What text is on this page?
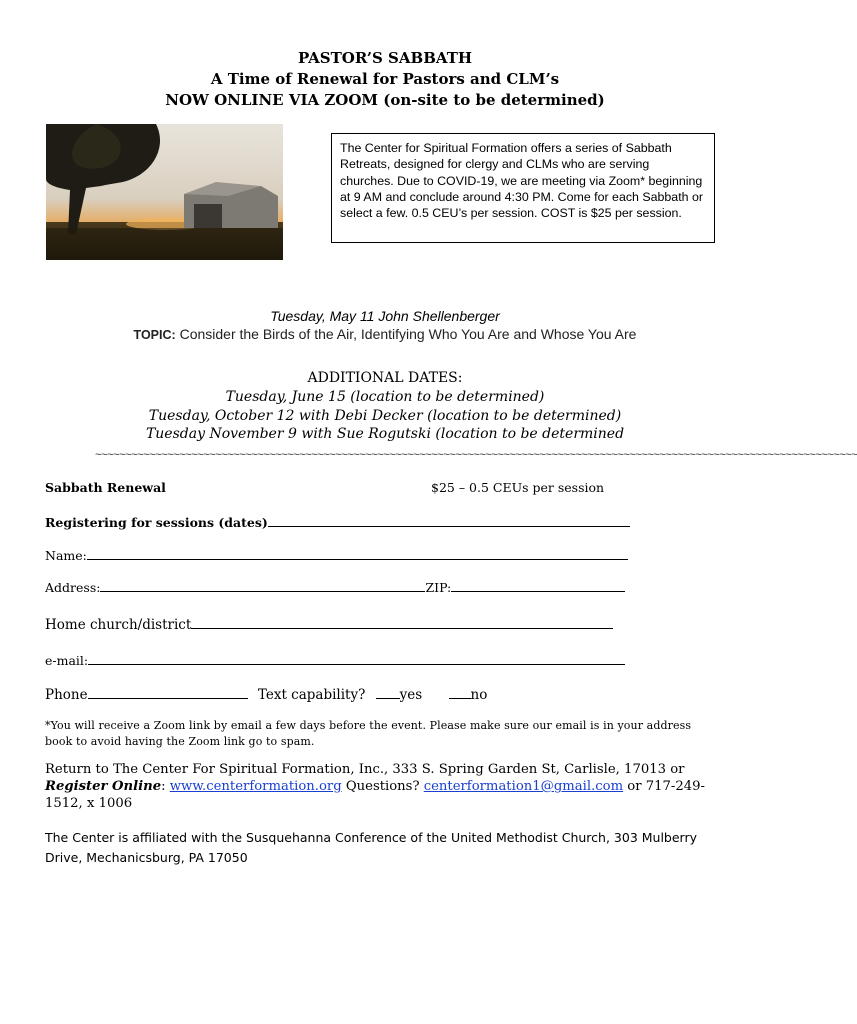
PASTOR’S SABBATH
A Time of Renewal for Pastors and CLM’s
NOW ONLINE VIA ZOOM (on-site to be determined)
The Center for Spiritual Formation offers a series of Sabbath Retreats, designed for clergy and CLMs who are serving churches. Due to COVID-19, we are meeting via Zoom* beginning at 9 AM and conclude around 4:30 PM. Come for each Sabbath or select a few. 0.5 CEU’s per session. COST is $25 per session.
Tuesday, May 11 John Shellenberger
TOPIC: Consider the Birds of the Air, Identifying Who You Are and Whose You Are
ADDITIONAL DATES:
Tuesday, June 15 (location to be determined)
Tuesday, October 12 with Debi Decker (location to be determined)
Tuesday November 9 with Sue Rogutski (location to be determined
~~~~~~~~~~~~~~~~~~~~~~~~~~~~~~~~~~~~~~~~~~~~~~~~~~~~~~~~~~~~~~~~~~~~~~~~~~~~~~~~~~~~~~~~~~~~~~~~~~~~~~~~~~~~~~~~~~~~~~~~~~~~~~~
Sabbath Renewal	$25 – 0.5 CEUs per session
Registering for sessions (dates)
Name:
Address:	ZIP:
Home church/district
e-mail:
Phone	Text capability?	yes	no
*You will receive a Zoom link by email a few days before the event. Please make sure our email is in your address book to avoid having the Zoom link go to spam.
Return to The Center For Spiritual Formation, Inc., 333 S. Spring Garden St, Carlisle, 17013 or Register Online: www.centerformation.org Questions? centerformation1@gmail.com or 717-249-1512, x 1006
The Center is affiliated with the Susquehanna Conference of the United Methodist Church, 303 Mulberry Drive, Mechanicsburg, PA 17050
